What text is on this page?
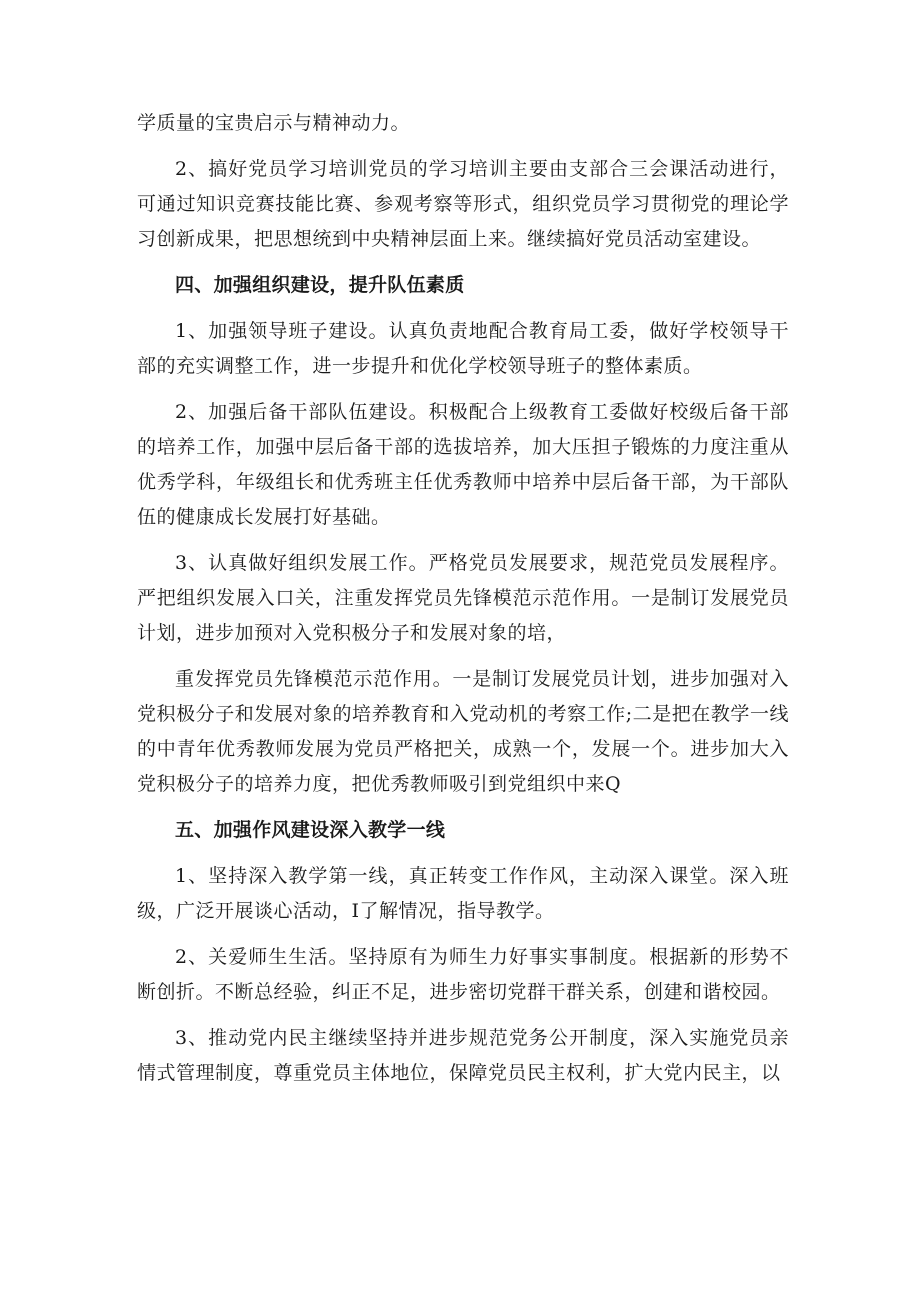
学质量的宝贵启示与精神动力。

2、搞好党员学习培训党员的学习培训主要由支部合三会课活动进行，可通过知识竞赛技能比赛、参观考察等形式，组织党员学习贯彻党的理论学习创新成果，把思想统到中央精神层面上来。继续搞好党员活动室建设。

四、加强组织建设，提升队伍素质

1、加强领导班子建设。认真负责地配合教育局工委，做好学校领导干部的充实调整工作，进一步提升和优化学校领导班子的整体素质。

2、加强后备干部队伍建设。积极配合上级教育工委做好校级后备干部的培养工作，加强中层后备干部的选拔培养，加大压担子锻炼的力度注重从优秀学科，年级组长和优秀班主任优秀教师中培养中层后备干部，为干部队伍的健康成长发展打好基础。

3、认真做好组织发展工作。严格党员发展要求，规范党员发展程序。严把组织发展入口关，注重发挥党员先锋模范示范作用。一是制订发展党员计划，进步加预对入党积极分子和发展对象的培，

重发挥党员先锋模范示范作用。一是制订发展党员计划，进步加强对入党积极分子和发展对象的培养教育和入党动机的考察工作;二是把在教学一线的中青年优秀教师发展为党员严格把关，成熟一个，发展一个。进步加大入党积极分子的培养力度，把优秀教师吸引到党组织中来Q

五、加强作风建设深入教学一线

1、坚持深入教学第一线，真正转变工作作风，主动深入课堂。深入班级，广泛开展谈心活动，I了解情况，指导教学。

2、关爱师生生活。坚持原有为师生力好事实事制度。根据新的形势不断创折。不断总经验，纠正不足，进步密切党群干群关系，创建和谐校园。

3、推动党内民主继续坚持并进步规范党务公开制度，深入实施党员亲情式管理制度，尊重党员主体地位，保障党员民主权利，扩大党内民主，以
